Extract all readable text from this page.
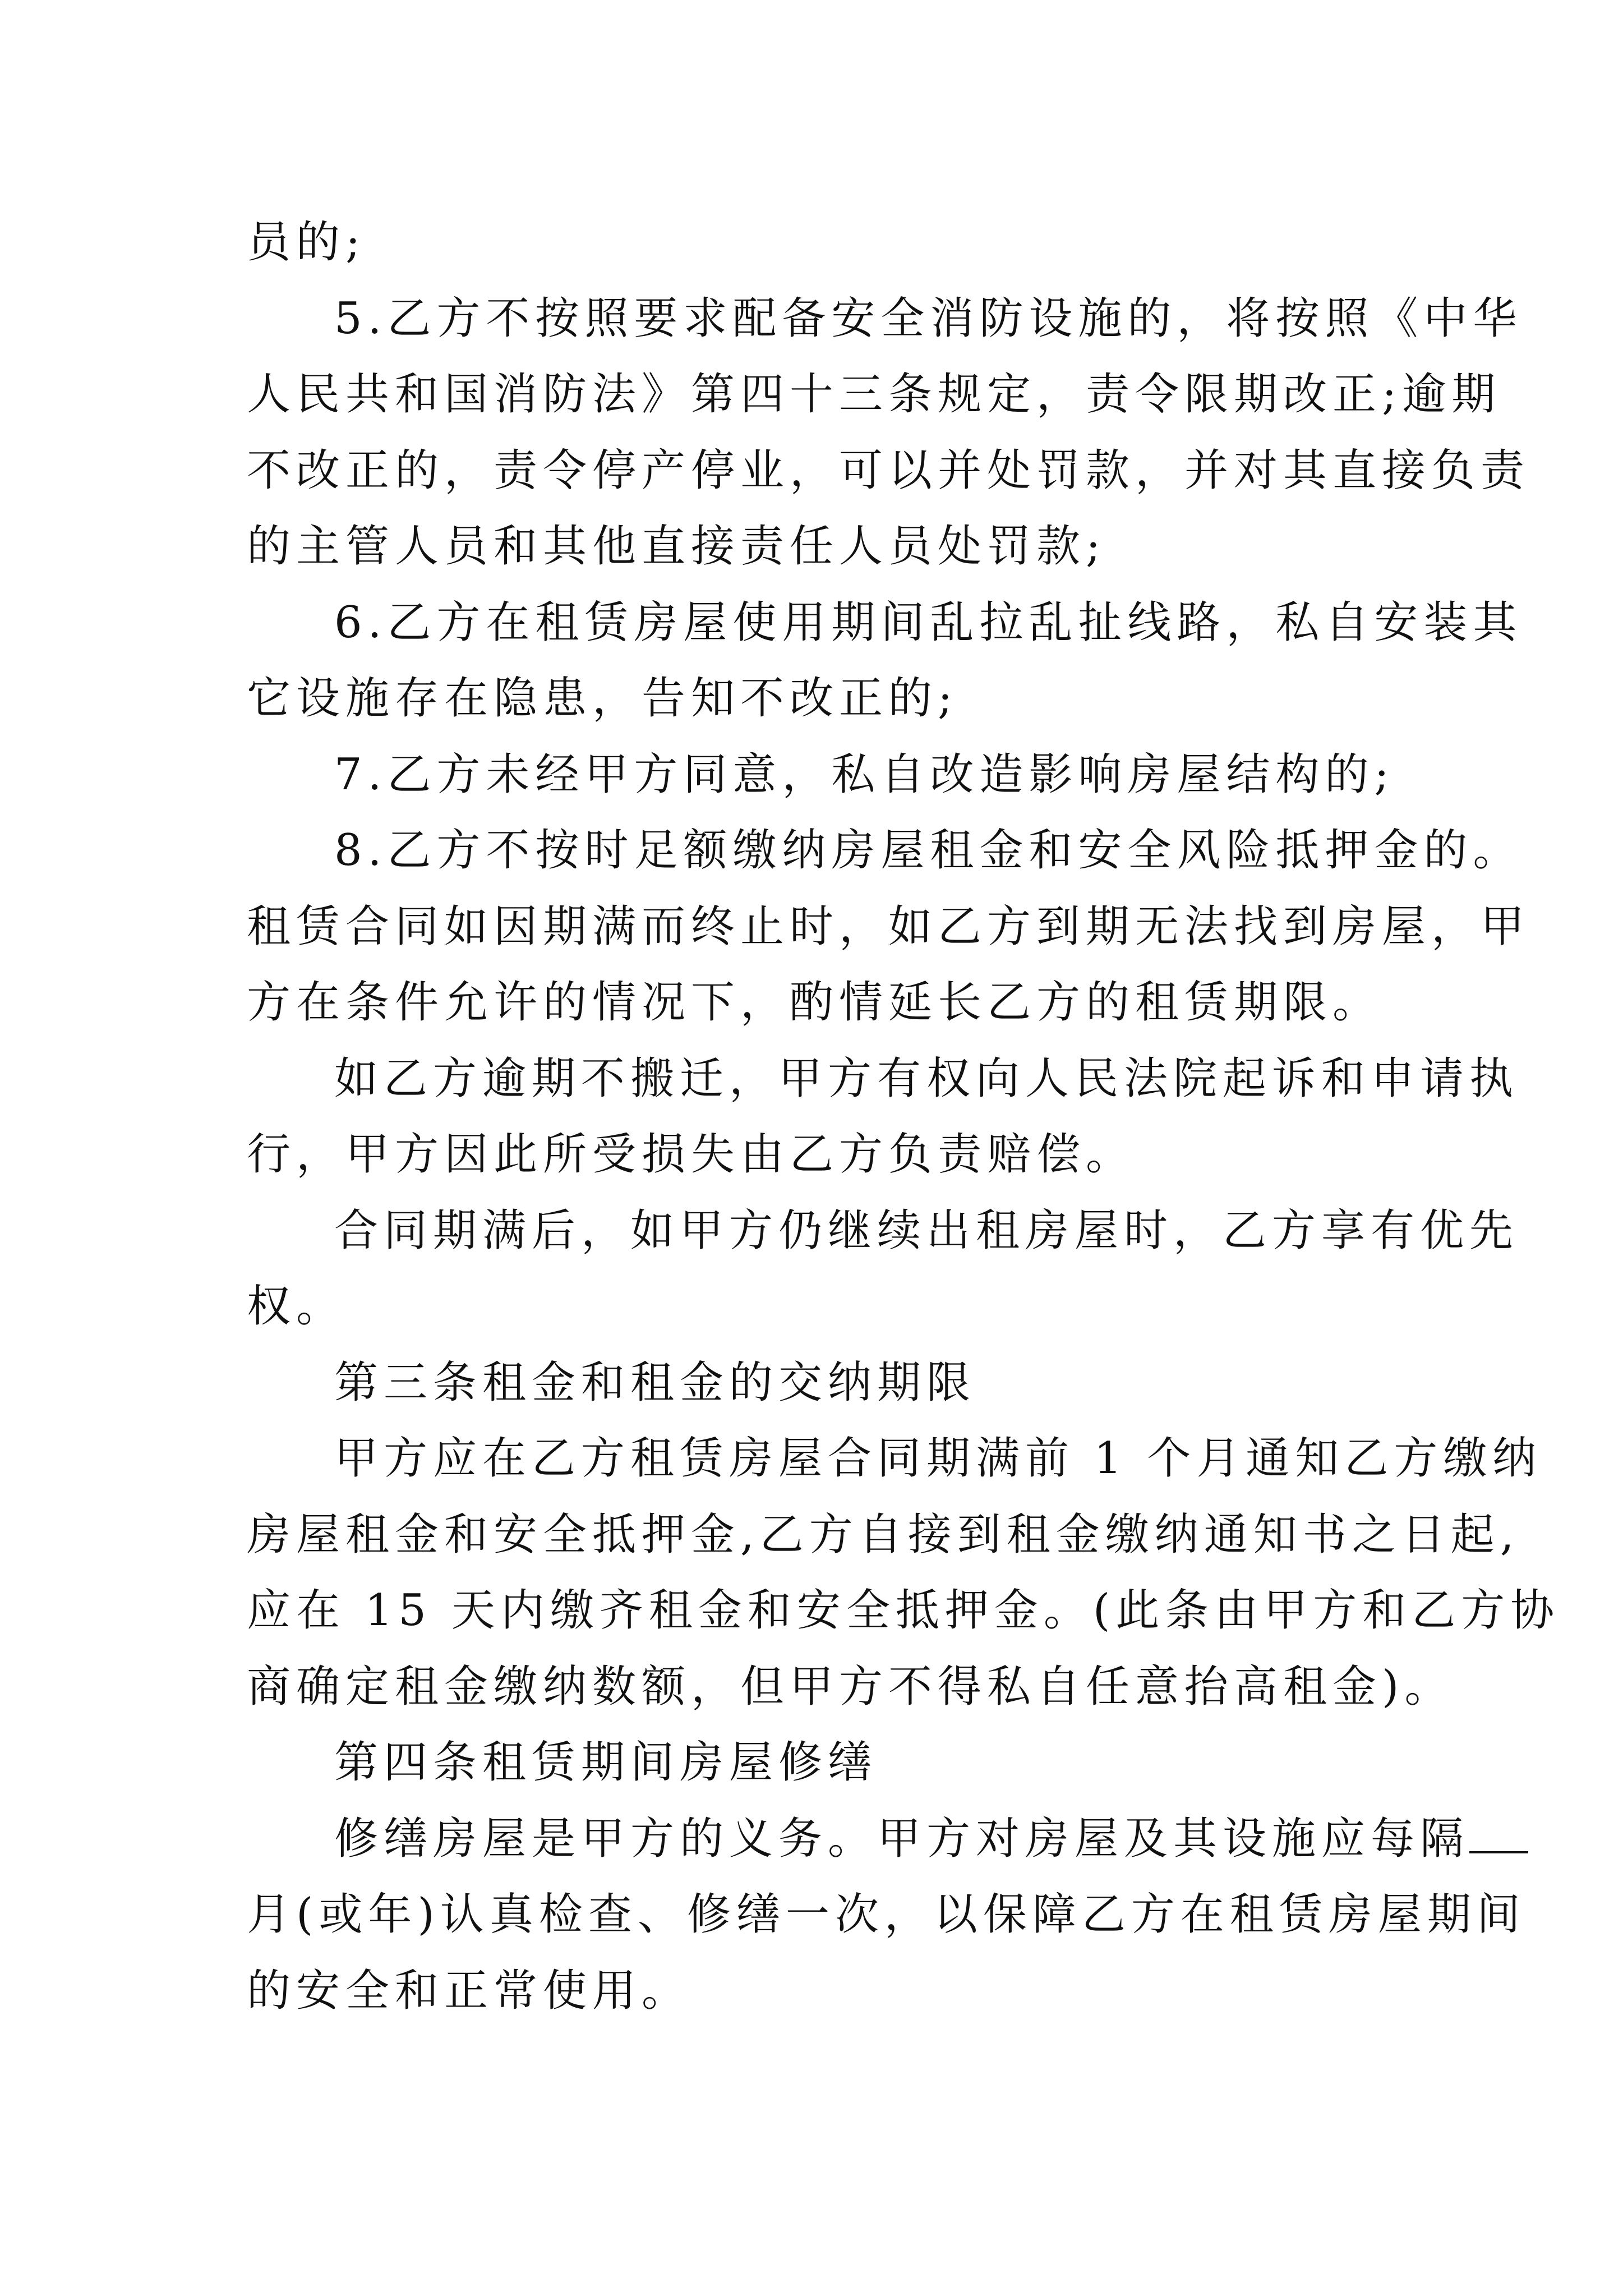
员的;
5.乙方不按照要求配备安全消防设施的，将按照《中华
人民共和国消防法》第四十三条规定，责令限期改正;逾期
不改正的，责令停产停业，可以并处罚款，并对其直接负责
的主管人员和其他直接责任人员处罚款;
6.乙方在租赁房屋使用期间乱拉乱扯线路，私自安装其
它设施存在隐患，告知不改正的;
7.乙方未经甲方同意，私自改造影响房屋结构的;
8.乙方不按时足额缴纳房屋租金和安全风险抵押金的。
租赁合同如因期满而终止时，如乙方到期无法找到房屋，甲
方在条件允许的情况下，酌情延长乙方的租赁期限。
如乙方逾期不搬迁，甲方有权向人民法院起诉和申请执
行，甲方因此所受损失由乙方负责赔偿。
合同期满后，如甲方仍继续出租房屋时，乙方享有优先
权。
第三条租金和租金的交纳期限
甲方应在乙方租赁房屋合同期满前 1 个月通知乙方缴纳
房屋租金和安全抵押金,乙方自接到租金缴纳通知书之日起,
应在 15 天内缴齐租金和安全抵押金。(此条由甲方和乙方协
商确定租金缴纳数额，但甲方不得私自任意抬高租金)。
第四条租赁期间房屋修缮
修缮房屋是甲方的义务。甲方对房屋及其设施应每隔
月(或年)认真检查、修缮一次，以保障乙方在租赁房屋期间
的安全和正常使用。
